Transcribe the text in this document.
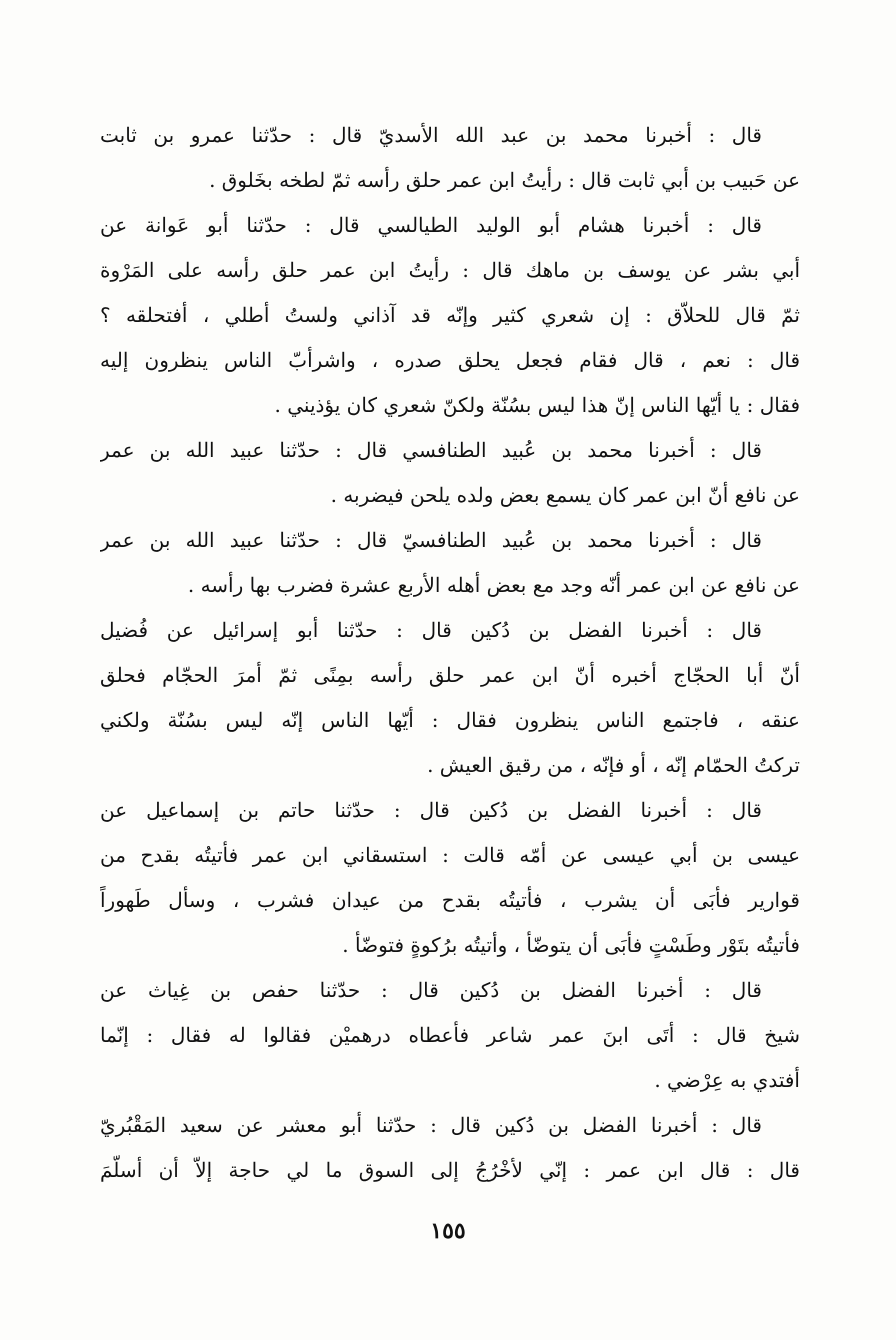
قال : أخبرنا محمد بن عبد الله الأسديّ قال : حدّثنا عمرو بن ثابت
عن حَبيب بن أبي ثابت قال : رأيتُ ابن عمر حلق رأسه ثمّ لطخه بخَلوق .
قال : أخبرنا هشام أبو الوليد الطيالسي قال : حدّثنا أبو عَوانة عن
أبي بشر عن يوسف بن ماهك قال : رأيتُ ابن عمر حلق رأسه على المَرْوة
ثمّ قال للحلاّق : إن شعري كثير وإنّه قد آذاني ولستُ أطلي ، أفتحلقه ؟
قال : نعم ، قال فقام فجعل يحلق صدره ، واشرأبّ الناس ينظرون إليه
فقال : يا أيّها الناس إنّ هذا ليس بسُنّة ولكنّ شعري كان يؤذيني .
قال : أخبرنا محمد بن عُبيد الطنافسي قال : حدّثنا عبيد الله بن عمر
عن نافع أنّ ابن عمر كان يسمع بعض ولده يلحن فيضربه .
قال : أخبرنا محمد بن عُبيد الطنافسيّ قال : حدّثنا عبيد الله بن عمر
عن نافع عن ابن عمر أنّه وجد مع بعض أهله الأربع عشرة فضرب بها رأسه .
قال : أخبرنا الفضل بن دُكين قال : حدّثنا أبو إسرائيل عن فُضيل
أنّ أبا الحجّاج أخبره أنّ ابن عمر حلق رأسه بمِنًى ثمّ أمرَ الحجّام فحلق
عنقه ، فاجتمع الناس ينظرون فقال : أيّها الناس إنّه ليس بسُنّة ولكني
تركتُ الحمّام إنّه ، أو فإنّه ، من رقيق العيش .
قال : أخبرنا الفضل بن دُكين قال : حدّثنا حاتم بن إسماعيل عن
عيسى بن أبي عيسى عن أمّه قالت : استسقاني ابن عمر فأتيتُه بقدح من
قوارير فأبَى أن يشرب ، فأتيتُه بقدح من عيدان فشرب ، وسأل طَهوراً
فأتيتُه بتَوْر وطَسْتٍ فأبَى أن يتوضّأ ، وأتيتُه برُكوةٍ فتوضّأ .
قال : أخبرنا الفضل بن دُكين قال : حدّثنا حفص بن غِياث عن
شيخ قال : أتَى ابنَ عمر شاعر فأعطاه درهميْن فقالوا له فقال : إنّما
أفتدي به عِرْضي .
قال : أخبرنا الفضل بن دُكين قال : حدّثنا أبو معشر عن سعيد المَقْبُريّ
قال : قال ابن عمر : إنّي لأخْرُجُ إلى السوق ما لي حاجة إلاّ أن أسلّمَ
١٥٥
